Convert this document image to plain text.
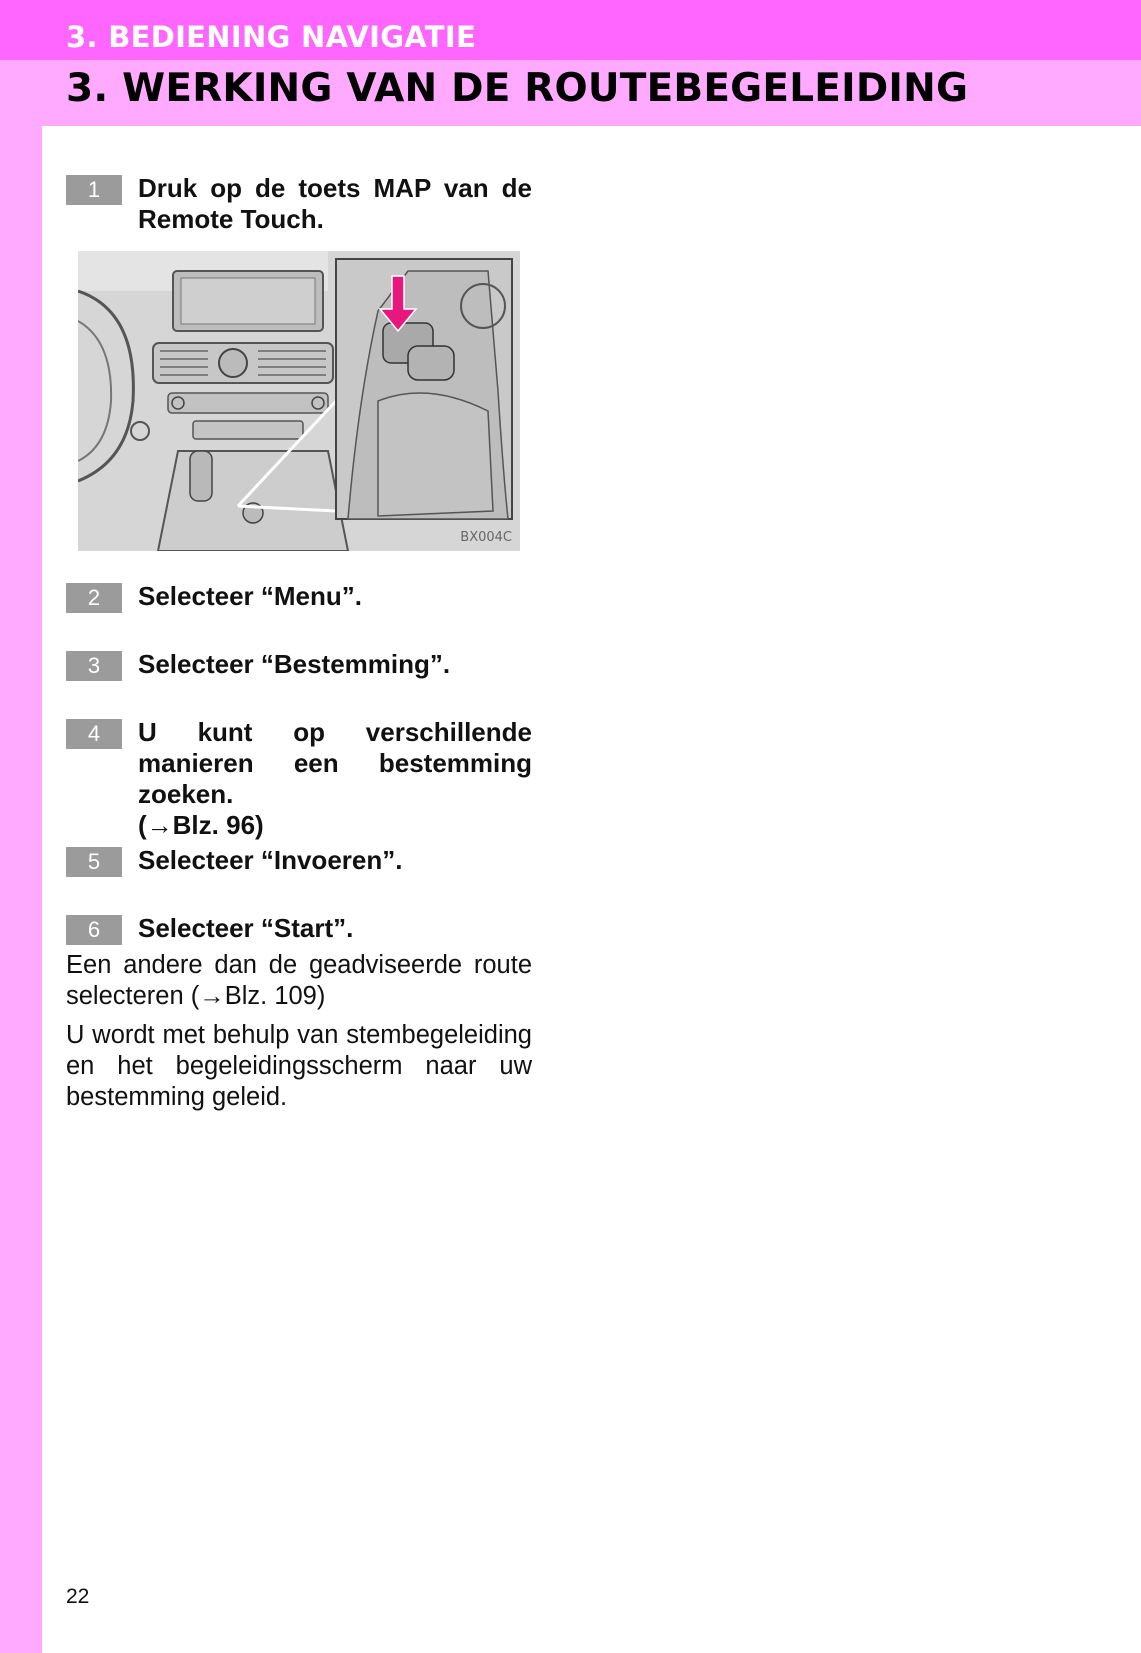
3. BEDIENING NAVIGATIE
3. WERKING VAN DE ROUTEBEGELEIDING
1	Druk op de toets MAP van de Remote Touch.
BX004C
2	Selecteer “Menu”.
3	Selecteer “Bestemming”.
4	U kunt op verschillende manieren een bestemming zoeken.
(→Blz. 96)
5	Selecteer “Invoeren”.
6	Selecteer “Start”.
Een andere dan de geadviseerde route selecteren (→Blz. 109)
U wordt met behulp van stembegeleiding en het begeleidingsscherm naar uw bestemming geleid.
22
